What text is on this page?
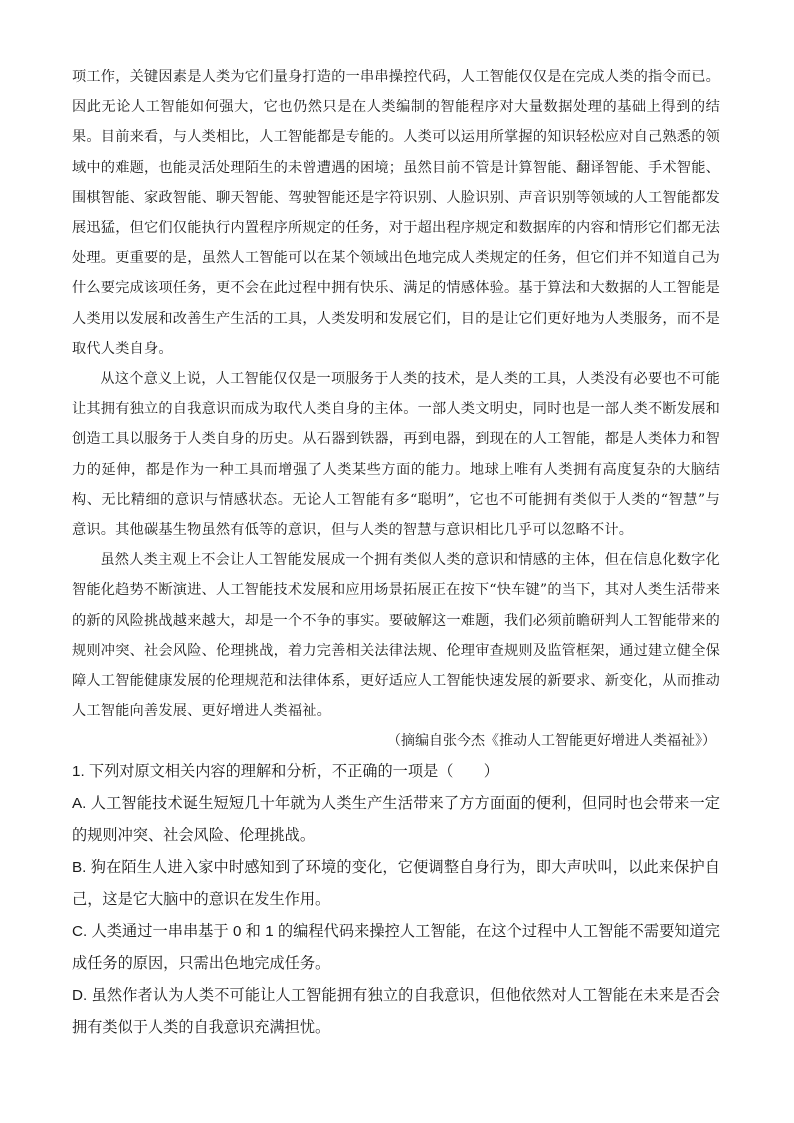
项工作，关键因素是人类为它们量身打造的一串串操控代码，人工智能仅仅是在完成人类的指令而已。因此无论人工智能如何强大，它也仍然只是在人类编制的智能程序对大量数据处理的基础上得到的结果。目前来看，与人类相比，人工智能都是专能的。人类可以运用所掌握的知识轻松应对自己熟悉的领域中的难题，也能灵活处理陌生的未曾遭遇的困境；虽然目前不管是计算智能、翻译智能、手术智能、围棋智能、家政智能、聊天智能、驾驶智能还是字符识别、人脸识别、声音识别等领域的人工智能都发展迅猛，但它们仅能执行内置程序所规定的任务，对于超出程序规定和数据库的内容和情形它们都无法处理。更重要的是，虽然人工智能可以在某个领域出色地完成人类规定的任务，但它们并不知道自己为什么要完成该项任务，更不会在此过程中拥有快乐、满足的情感体验。基于算法和大数据的人工智能是人类用以发展和改善生产生活的工具，人类发明和发展它们，目的是让它们更好地为人类服务，而不是取代人类自身。

从这个意义上说，人工智能仅仅是一项服务于人类的技术，是人类的工具，人类没有必要也不可能让其拥有独立的自我意识而成为取代人类自身的主体。一部人类文明史，同时也是一部人类不断发展和创造工具以服务于人类自身的历史。从石器到铁器，再到电器，到现在的人工智能，都是人类体力和智力的延伸，都是作为一种工具而增强了人类某些方面的能力。地球上唯有人类拥有高度复杂的大脑结构、无比精细的意识与情感状态。无论人工智能有多“聪明”，它也不可能拥有类似于人类的“智慧”与意识。其他碳基生物虽然有低等的意识，但与人类的智慧与意识相比几乎可以忽略不计。

虽然人类主观上不会让人工智能发展成一个拥有类似人类的意识和情感的主体，但在信息化数字化智能化趋势不断演进、人工智能技术发展和应用场景拓展正在按下“快车键”的当下，其对人类生活带来的新的风险挑战越来越大，却是一个不争的事实。要破解这一难题，我们必须前瞻研判人工智能带来的规则冲突、社会风险、伦理挑战，着力完善相关法律法规、伦理审查规则及监管框架，通过建立健全保障人工智能健康发展的伦理规范和法律体系，更好适应人工智能快速发展的新要求、新变化，从而推动人工智能向善发展、更好增进人类福祉。

（摘编自张今杰《推动人工智能更好增进人类福祉》）

1. 下列对原文相关内容的理解和分析，不正确的一项是（　　）

A. 人工智能技术诞生短短几十年就为人类生产生活带来了方方面面的便利，但同时也会带来一定的规则冲突、社会风险、伦理挑战。

B. 狗在陌生人进入家中时感知到了环境的变化，它便调整自身行为，即大声吠叫，以此来保护自己，这是它大脑中的意识在发生作用。

C. 人类通过一串串基于 0 和 1 的编程代码来操控人工智能，在这个过程中人工智能不需要知道完成任务的原因，只需出色地完成任务。

D. 虽然作者认为人类不可能让人工智能拥有独立的自我意识，但他依然对人工智能在未来是否会拥有类似于人类的自我意识充满担忧。
